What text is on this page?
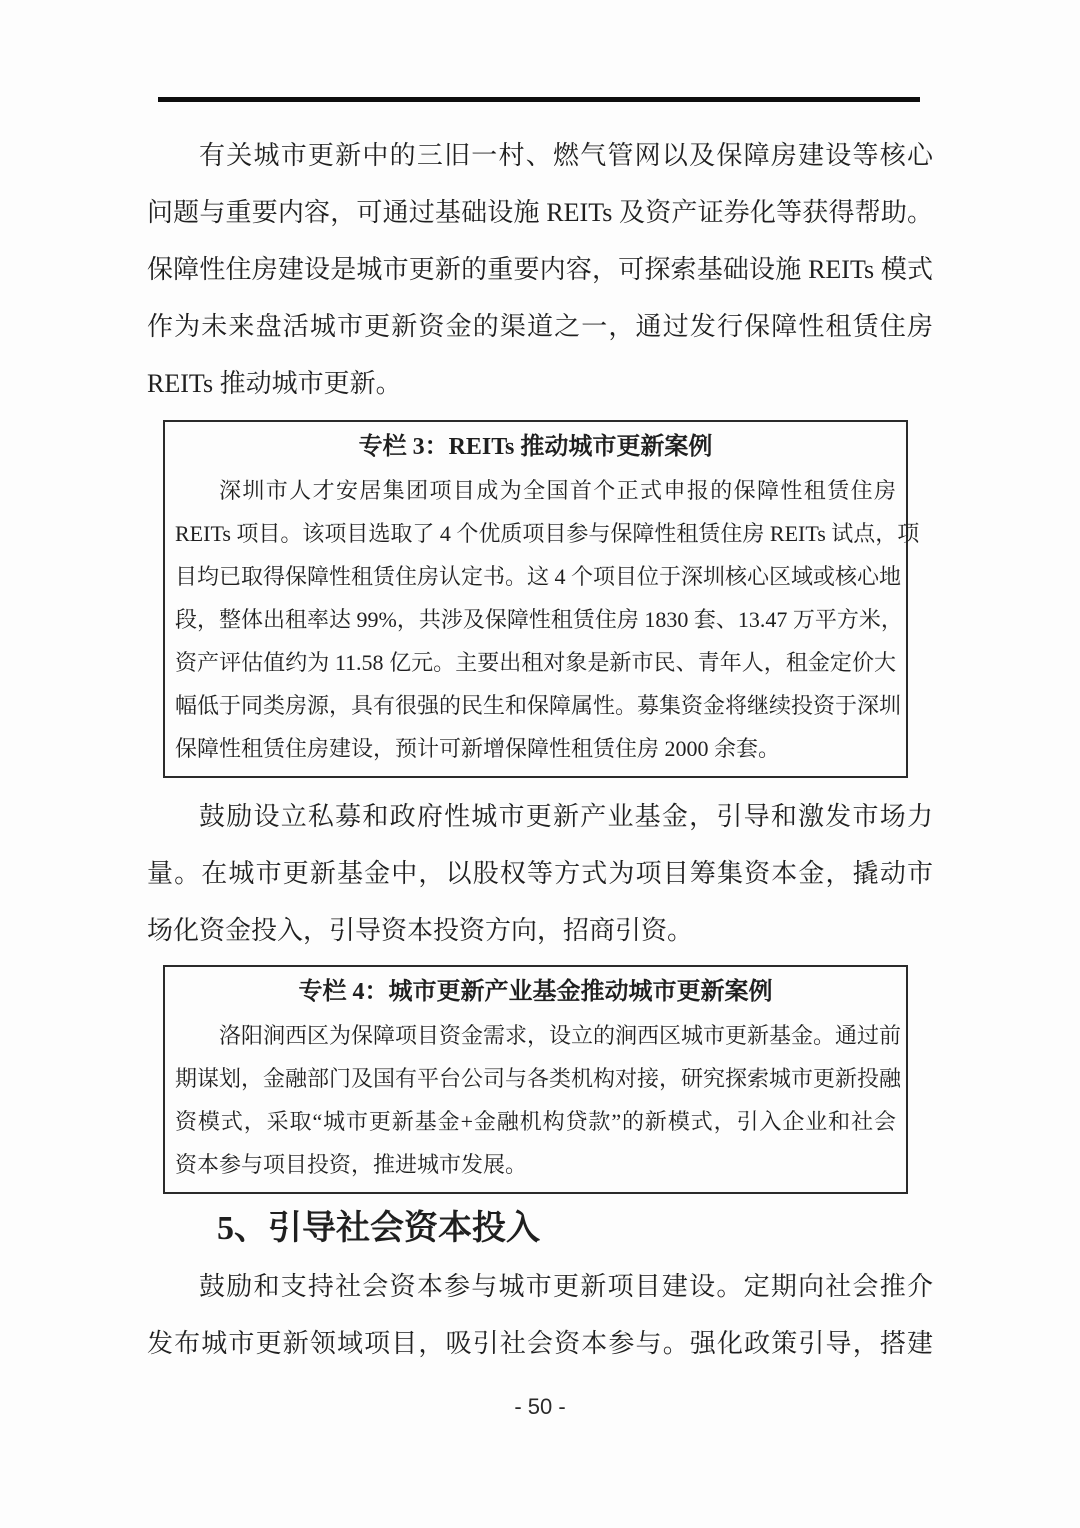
有关城市更新中的三旧一村、燃气管网以及保障房建设等核心
问题与重要内容，可通过基础设施 REITs 及资产证券化等获得帮助。
保障性住房建设是城市更新的重要内容，可探索基础设施 REITs 模式
作为未来盘活城市更新资金的渠道之一，通过发行保障性租赁住房
REITs 推动城市更新。
专栏 3：REITs 推动城市更新案例
深圳市人才安居集团项目成为全国首个正式申报的保障性租赁住房
REITs 项目。该项目选取了 4 个优质项目参与保障性租赁住房 REITs 试点，项
目均已取得保障性租赁住房认定书。这 4 个项目位于深圳核心区域或核心地
段，整体出租率达 99%，共涉及保障性租赁住房 1830 套、13.47 万平方米，
资产评估值约为 11.58 亿元。主要出租对象是新市民、青年人，租金定价大
幅低于同类房源，具有很强的民生和保障属性。募集资金将继续投资于深圳
保障性租赁住房建设，预计可新增保障性租赁住房 2000 余套。
鼓励设立私募和政府性城市更新产业基金，引导和激发市场力
量。在城市更新基金中，以股权等方式为项目筹集资本金，撬动市
场化资金投入，引导资本投资方向，招商引资。
专栏 4：城市更新产业基金推动城市更新案例
洛阳涧西区为保障项目资金需求，设立的涧西区城市更新基金。通过前
期谋划，金融部门及国有平台公司与各类机构对接，研究探索城市更新投融
资模式，采取“城市更新基金+金融机构贷款”的新模式，引入企业和社会
资本参与项目投资，推进城市发展。
5、引导社会资本投入
鼓励和支持社会资本参与城市更新项目建设。定期向社会推介
发布城市更新领域项目，吸引社会资本参与。强化政策引导，搭建
- 50 -
